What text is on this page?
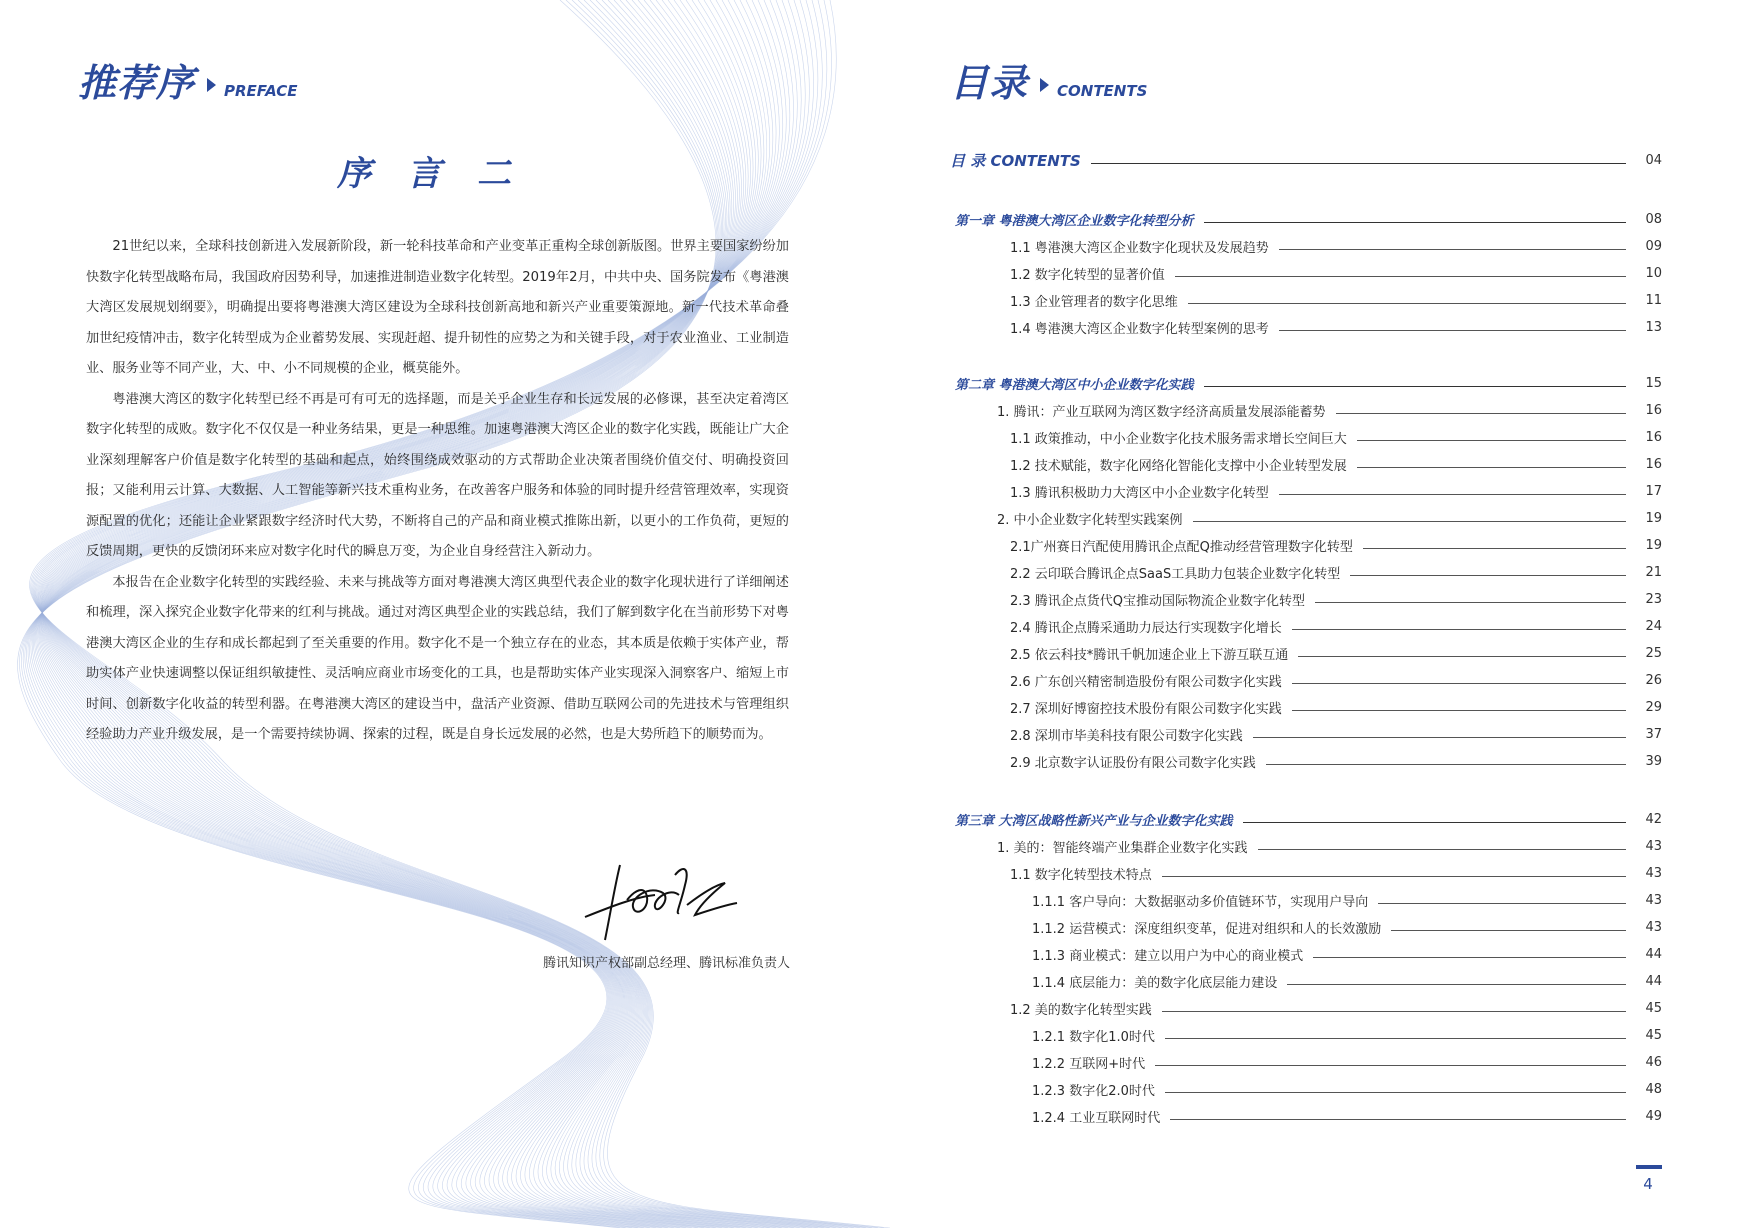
推荐序 PREFACE
序 言 二

21世纪以来，全球科技创新进入发展新阶段，新一轮科技革命和产业变革正重构全球创新版图。世界主要国家纷纷加快数字化转型战略布局，我国政府因势利导，加速推进制造业数字化转型。2019年2月，中共中央、国务院发布《粤港澳大湾区发展规划纲要》，明确提出要将粤港澳大湾区建设为全球科技创新高地和新兴产业重要策源地。新一代技术革命叠加世纪疫情冲击，数字化转型成为企业蓄势发展、实现赶超、提升韧性的应势之为和关键手段，对于农业渔业、工业制造业、服务业等不同产业，大、中、小不同规模的企业，概莫能外。

粤港澳大湾区的数字化转型已经不再是可有可无的选择题，而是关乎企业生存和长远发展的必修课，甚至决定着湾区数字化转型的成败。数字化不仅仅是一种业务结果，更是一种思维。加速粤港澳大湾区企业的数字化实践，既能让广大企业深刻理解客户价值是数字化转型的基础和起点，始终围绕成效驱动的方式帮助企业决策者围绕价值交付、明确投资回报；又能利用云计算、大数据、人工智能等新兴技术重构业务，在改善客户服务和体验的同时提升经营管理效率，实现资源配置的优化；还能让企业紧跟数字经济时代大势，不断将自己的产品和商业模式推陈出新，以更小的工作负荷，更短的反馈周期，更快的反馈闭环来应对数字化时代的瞬息万变，为企业自身经营注入新动力。

本报告在企业数字化转型的实践经验、未来与挑战等方面对粤港澳大湾区典型代表企业的数字化现状进行了详细阐述和梳理，深入探究企业数字化带来的红利与挑战。通过对湾区典型企业的实践总结，我们了解到数字化在当前形势下对粤港澳大湾区企业的生存和成长都起到了至关重要的作用。数字化不是一个独立存在的业态，其本质是依赖于实体产业，帮助实体产业快速调整以保证组织敏捷性、灵活响应商业市场变化的工具，也是帮助实体产业实现深入洞察客户、缩短上市时间、创新数字化收益的转型利器。在粤港澳大湾区的建设当中，盘活产业资源、借助互联网公司的先进技术与管理组织经验助力产业升级发展，是一个需要持续协调、探索的过程，既是自身长远发展的必然，也是大势所趋下的顺势而为。

腾讯知识产权部副总经理、腾讯标准负责人
目录 CONTENTS
目 录 CONTENTS	04
第一章 粤港澳大湾区企业数字化转型分析	08
1.1 粤港澳大湾区企业数字化现状及发展趋势	09
1.2 数字化转型的显著价值	10
1.3 企业管理者的数字化思维	11
1.4 粤港澳大湾区企业数字化转型案例的思考	13
第二章 粤港澳大湾区中小企业数字化实践	15
1. 腾讯：产业互联网为湾区数字经济高质量发展添能蓄势	16
1.1 政策推动，中小企业数字化技术服务需求增长空间巨大	16
1.2 技术赋能，数字化网络化智能化支撑中小企业转型发展	16
1.3 腾讯积极助力大湾区中小企业数字化转型	17
2. 中小企业数字化转型实践案例	19
2.1广州赛日汽配使用腾讯企点配Q推动经营管理数字化转型	19
2.2 云印联合腾讯企点SaaS工具助力包装企业数字化转型	21
2.3 腾讯企点货代Q宝推动国际物流企业数字化转型	23
2.4 腾讯企点腾采通助力辰达行实现数字化增长	24
2.5 依云科技*腾讯千帆加速企业上下游互联互通	25
2.6 广东创兴精密制造股份有限公司数字化实践	26
2.7 深圳好博窗控技术股份有限公司数字化实践	29
2.8 深圳市毕美科技有限公司数字化实践	37
2.9 北京数字认证股份有限公司数字化实践	39
第三章 大湾区战略性新兴产业与企业数字化实践	42
1. 美的：智能终端产业集群企业数字化实践	43
1.1 数字化转型技术特点	43
1.1.1 客户导向：大数据驱动多价值链环节，实现用户导向	43
1.1.2 运营模式：深度组织变革，促进对组织和人的长效激励	43
1.1.3 商业模式：建立以用户为中心的商业模式	44
1.1.4 底层能力：美的数字化底层能力建设	44
1.2 美的数字化转型实践	45
1.2.1 数字化1.0时代	45
1.2.2 互联网+时代	46
1.2.3 数字化2.0时代	48
1.2.4 工业互联网时代	49
4
